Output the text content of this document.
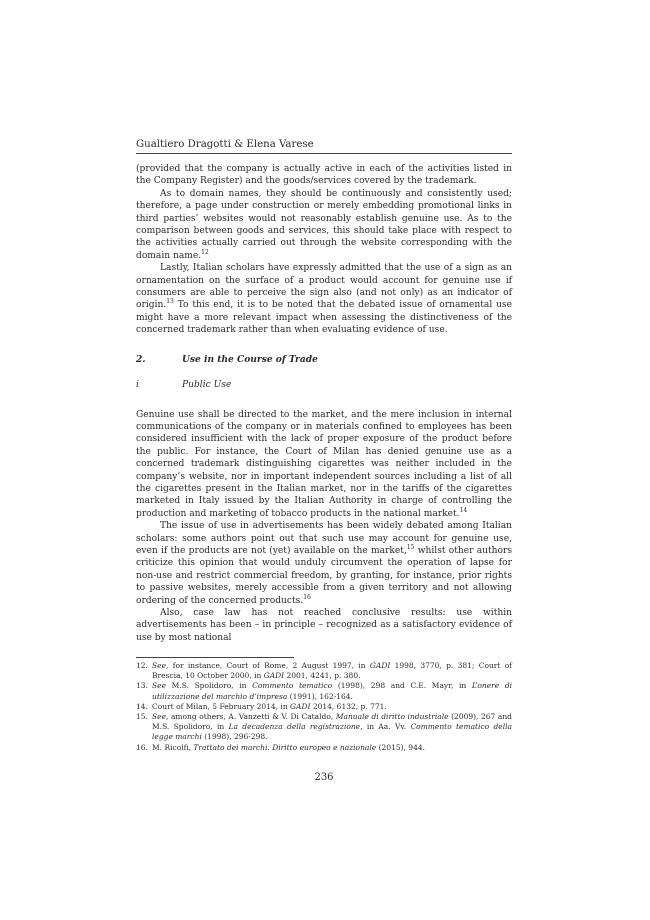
Gualtiero Dragotti & Elena Varese

(provided that the company is actually active in each of the activities listed in the Company Register) and the goods/services covered by the trademark.

As to domain names, they should be continuously and consistently used; therefore, a page under construction or merely embedding promotional links in third parties’ websites would not reasonably establish genuine use. As to the comparison between goods and services, this should take place with respect to the activities actually carried out through the website corresponding with the domain name.$^{12}$

Lastly, Italian scholars have expressly admitted that the use of a sign as an ornamentation on the surface of a product would account for genuine use if consumers are able to perceive the sign also (and not only) as an indicator of origin.$^{13}$ To this end, it is to be noted that the debated issue of ornamental use might have a more relevant impact when assessing the distinctiveness of the concerned trademark rather than when evaluating evidence of use.

2.	Use in the Course of Trade
i	Public Use

Genuine use shall be directed to the market, and the mere inclusion in internal communications of the company or in materials confined to employees has been considered insufficient with the lack of proper exposure of the product before the public. For instance, the Court of Milan has denied genuine use as a concerned trademark distinguishing cigarettes was neither included in the company’s website, nor in important independent sources including a list of all the cigarettes present in the Italian market, nor in the tariffs of the cigarettes marketed in Italy issued by the Italian Authority in charge of controlling the production and marketing of tobacco products in the national market.$^{14}$

The issue of use in advertisements has been widely debated among Italian scholars: some authors point out that such use may account for genuine use, even if the products are not (yet) available on the market,$^{15}$ whilst other authors criticize this opinion that would unduly circumvent the operation of lapse for non-use and restrict commercial freedom, by granting, for instance, prior rights to passive websites, merely accessible from a given territory and not allowing ordering of the concerned products.$^{16}$

Also, case law has not reached conclusive results: use within advertisements has been – in principle – recognized as a satisfactory evidence of use by most national

12. See, for instance, Court of Rome, 2 August 1997, in GADI 1998, 3770, p. 381; Court of Brescia, 10 October 2000, in GADI 2001, 4241, p. 380.
13. See M.S. Spolidoro, in Commento tematico (1998), 298 and C.E. Mayr, in L’onere di utilizzazione del marchio d’impresa (1991), 162-164.
14. Court of Milan, 5 February 2014, in GADI 2014, 6132, p. 771.
15. See, among others, A. Vanzetti & V. Di Cataldo, Manuale di diritto industriale (2009), 267 and M.S. Spolidoro, in La decadenza della registrazione, in Aa. Vv. Commento tematico della legge marchi (1998), 296-298.
16. M. Ricolfi, Trattato dei marchi. Diritto europeo e nazionale (2015), 944.
236
